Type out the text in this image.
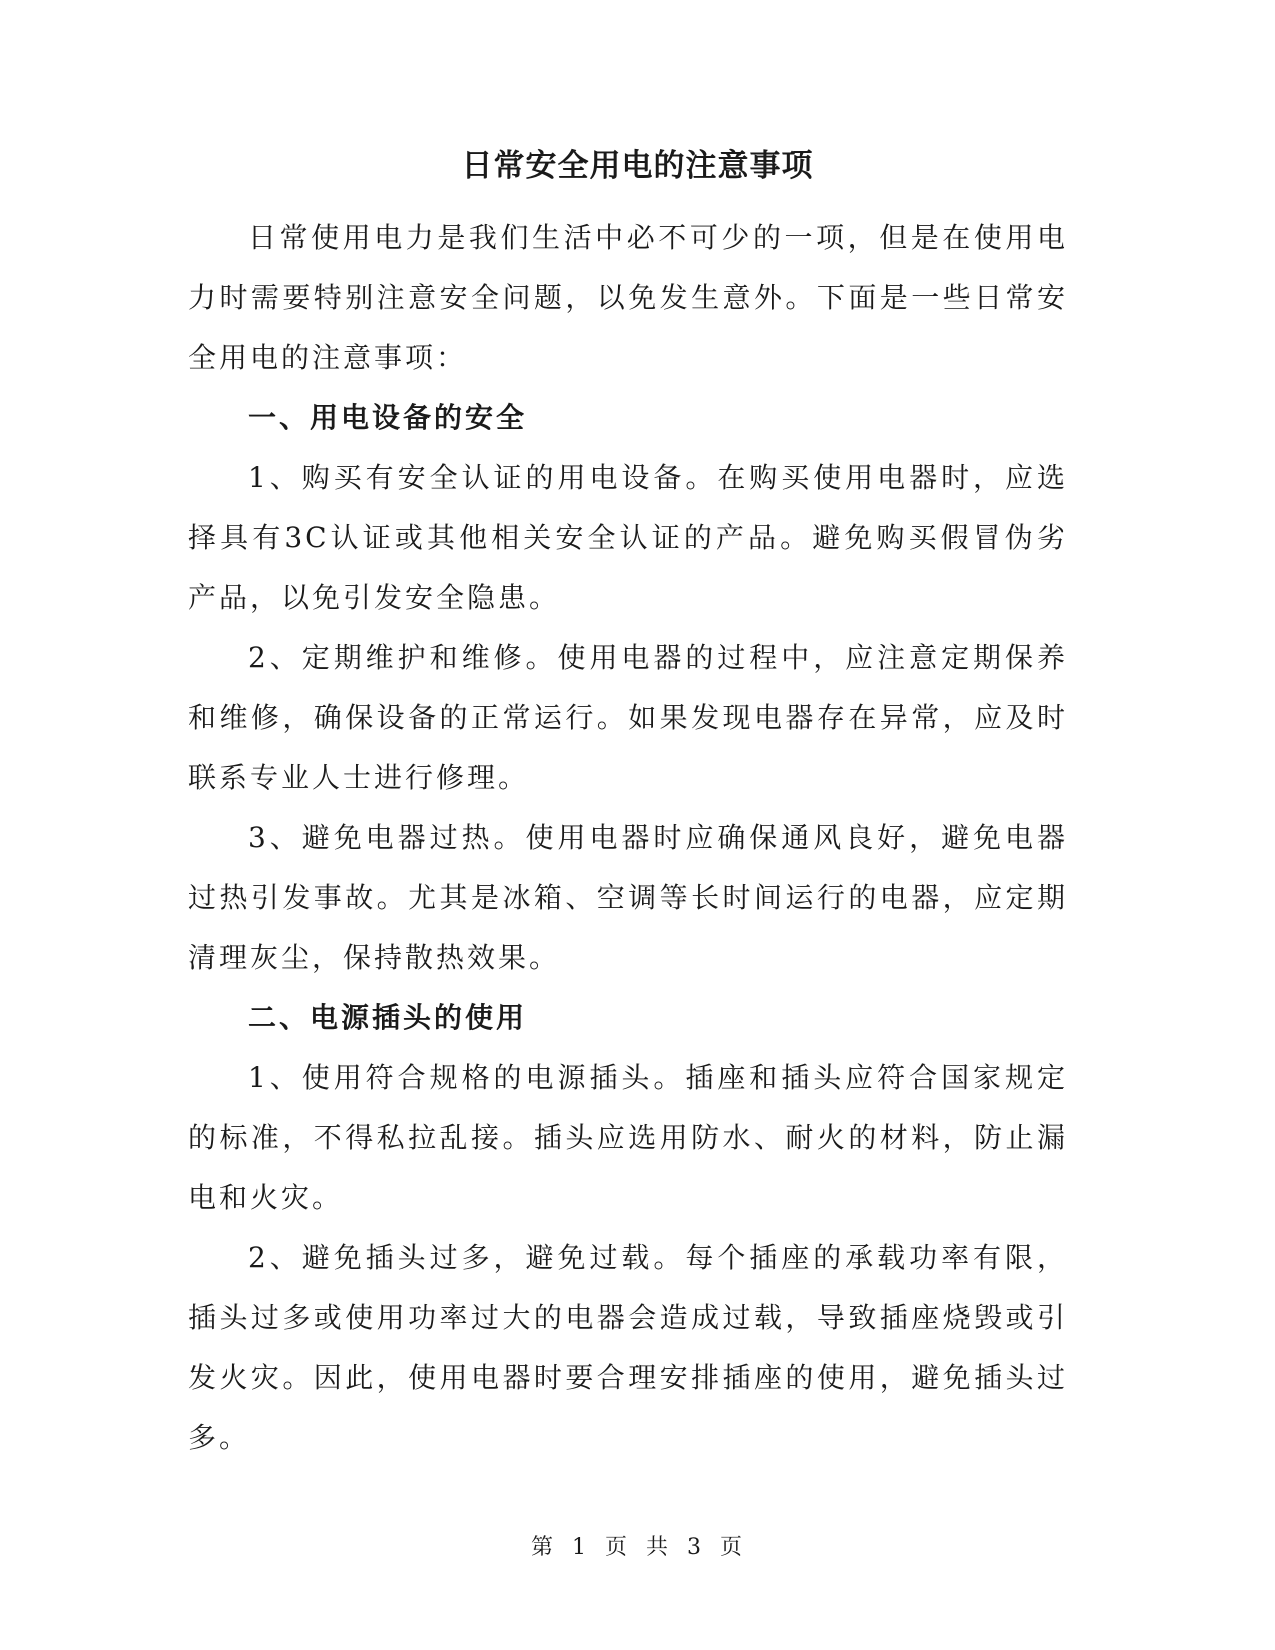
日常安全用电的注意事项

日常使用电力是我们生活中必不可少的一项，但是在使用电力时需要特别注意安全问题，以免发生意外。下面是一些日常安全用电的注意事项：

一、用电设备的安全

1、购买有安全认证的用电设备。在购买使用电器时，应选择具有3C认证或其他相关安全认证的产品。避免购买假冒伪劣产品，以免引发安全隐患。

2、定期维护和维修。使用电器的过程中，应注意定期保养和维修，确保设备的正常运行。如果发现电器存在异常，应及时联系专业人士进行修理。

3、避免电器过热。使用电器时应确保通风良好，避免电器过热引发事故。尤其是冰箱、空调等长时间运行的电器，应定期清理灰尘，保持散热效果。

二、电源插头的使用

1、使用符合规格的电源插头。插座和插头应符合国家规定的标准，不得私拉乱接。插头应选用防水、耐火的材料，防止漏电和火灾。

2、避免插头过多，避免过载。每个插座的承载功率有限，插头过多或使用功率过大的电器会造成过载，导致插座烧毁或引发火灾。因此，使用电器时要合理安排插座的使用，避免插头过多。

第 1 页 共 3 页
